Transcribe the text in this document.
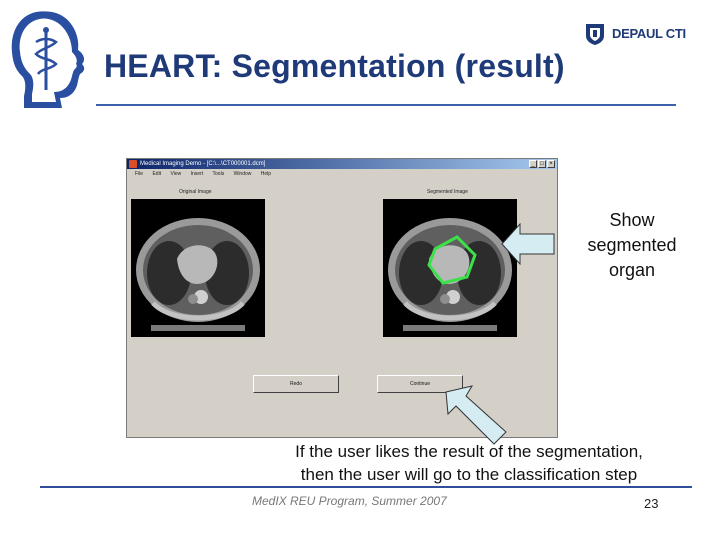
HEART: Segmentation (result)
DEPAUL CTI
Medical Imaging Demo - [C:\...\CT000001.dcm]	_ □ ×
File Edit View Insert Tools Window Help
Original Image	Segmented Image
Redo	Continue
Show
segmented
organ
If the user likes the result of the segmentation,
then the user will go to the classification step
MedIX REU Program, Summer 2007	23
